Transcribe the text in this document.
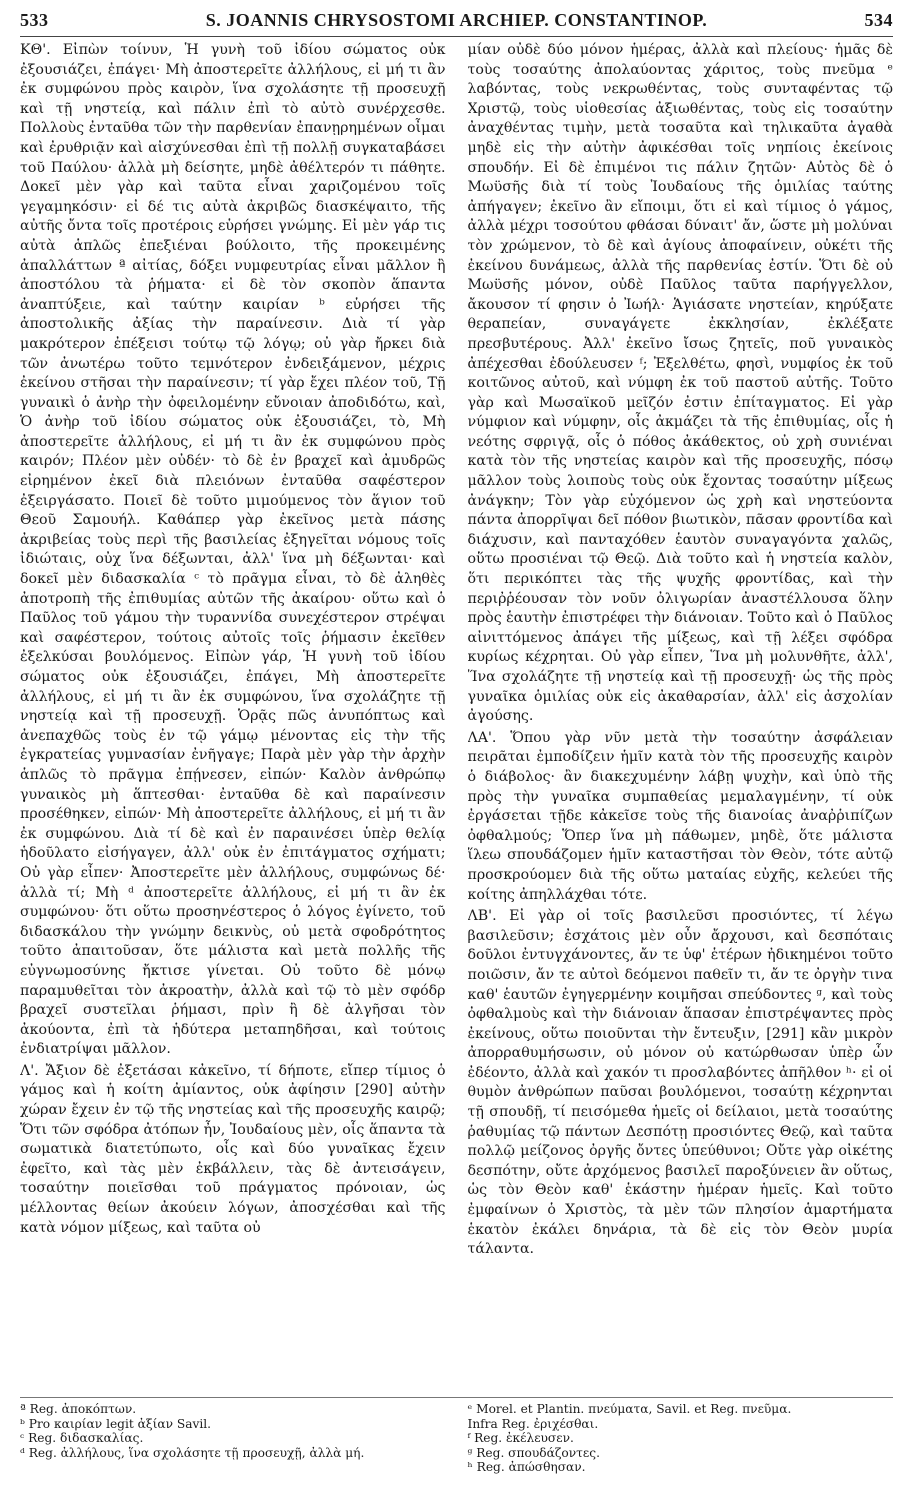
533	S. JOANNIS CHRYSOSTOMI ARCHIEP. CONSTANTINOP.	534

ΚΘ'. Εἰπὼν τοίνυν, Ἡ γυνὴ τοῦ ἰδίου σώματος οὐκ ἐξουσιάζει, ἐπάγει· Μὴ ἀποστερεῖτε ἀλλήλους, εἰ μή τι ἂν ἐκ συμφώνου πρὸς καιρὸν, ἵνα σχολάσητε τῇ προσευχῇ καὶ τῇ νηστείᾳ, καὶ πάλιν ἐπὶ τὸ αὐτὸ συνέρχεσθε. Πολλοὺς ἐνταῦθα τῶν τὴν παρθενίαν ἐπανῃρημένων οἶμαι καὶ ἐρυθριᾷν καὶ αἰσχύνεσθαι ἐπὶ τῇ πολλῇ συγκαταβάσει τοῦ Παύλου· ἀλλὰ μὴ δείσητε, μηδὲ ἀθέλτερόν τι πάθητε. Δοκεῖ μὲν γὰρ καὶ ταῦτα εἶναι χαριζομένου τοῖς γεγαμηκόσιν· εἰ δέ τις αὐτὰ ἀκριβῶς διασκέψαιτο, τῆς αὐτῆς ὄντα τοῖς προτέροις εὑρήσει γνώμης. Εἰ μὲν γάρ τις αὐτὰ ἁπλῶς ἐπεξιέναι βούλοιτο, τῆς προκειμένης ἀπαλλάττων ª αἰτίας, δόξει νυμφευτρίας εἶναι μᾶλλον ἢ ἀποστόλου τὰ ῥήματα· εἰ δὲ τὸν σκοπὸν ἅπαντα ἀναπτύξειε, καὶ ταύτην καιρίαν ᵇ εὑρήσει τῆς ἀποστολικῆς ἀξίας τὴν παραίνεσιν. Διὰ τί γὰρ μακρότερον ἐπέξεισι τούτῳ τῷ λόγῳ; οὐ γὰρ ἤρκει διὰ τῶν ἀνωτέρω τοῦτο τεμνότερον ἐνδειξάμενον, μέχρις ἐκείνου στῆσαι τὴν παραίνεσιν; τί γὰρ ἔχει πλέον τοῦ, Τῇ γυναικὶ ὁ ἀνὴρ τὴν ὀφειλομένην εὔνοιαν ἀποδιδότω, καὶ, Ὁ ἀνὴρ τοῦ ἰδίου σώματος οὐκ ἐξουσιάζει, τὸ, Μὴ ἀποστερεῖτε ἀλλήλους, εἰ μή τι ἂν ἐκ συμφώνου πρὸς καιρόν; Πλέον μὲν οὐδέν· τὸ δὲ ἐν βραχεῖ καὶ ἀμυδρῶς εἰρημένον ἐκεῖ διὰ πλειόνων ἐνταῦθα σαφέστερον ἐξειργάσατο. Ποιεῖ δὲ τοῦτο μιμούμενος τὸν ἅγιον τοῦ Θεοῦ Σαμουήλ. Καθάπερ γὰρ ἐκεῖνος μετὰ πάσης ἀκριβείας τοὺς περὶ τῆς βασιλείας ἐξηγεῖται νόμους τοῖς ἰδιώταις, οὐχ ἵνα δέξωνται, ἀλλ' ἵνα μὴ δέξωνται· καὶ δοκεῖ μὲν διδασκαλία ᶜ τὸ πρᾶγμα εἶναι, τὸ δὲ ἀληθὲς ἀποτροπὴ τῆς ἐπιθυμίας αὐτῶν τῆς ἀκαίρου· οὕτω καὶ ὁ Παῦλος τοῦ γάμου τὴν τυραννίδα συνεχέστερον στρέψαι καὶ σαφέστερον, τούτοις αὐτοῖς τοῖς ῥήμασιν ἐκεῖθεν ἐξελκύσαι βουλόμενος. Εἰπὼν γάρ, Ἡ γυνὴ τοῦ ἰδίου σώματος οὐκ ἐξουσιάζει, ἐπάγει, Μὴ ἀποστερεῖτε ἀλλήλους, εἰ μή τι ἂν ἐκ συμφώνου, ἵνα σχολάζητε τῇ νηστείᾳ καὶ τῇ προσευχῇ. Ὁρᾷς πῶς ἀνυπόπτως καὶ ἀνεπαχθῶς τοὺς ἐν τῷ γάμῳ μένοντας εἰς τὴν τῆς ἐγκρατείας γυμνασίαν ἐνῆγαγε; Παρὰ μὲν γὰρ τὴν ἀρχὴν ἁπλῶς τὸ πρᾶγμα ἐπῄνεσεν, εἰπών· Καλὸν ἀνθρώπῳ γυναικὸς μὴ ἅπτεσθαι· ἐνταῦθα δὲ καὶ παραίνεσιν προσέθηκεν, εἰπών· Μὴ ἀποστερεῖτε ἀλλήλους, εἰ μή τι ἂν ἐκ συμφώνου. Διὰ τί δὲ καὶ ἐν παραινέσει ὑπὲρ θελίᾳ ἡδοῦλατο εἰσήγαγεν, ἀλλ' οὐκ ἐν ἐπιτάγματος σχήματι; Οὐ γὰρ εἶπεν· Ἀποστερεῖτε μὲν ἀλλήλους, συμφώνως δέ· ἀλλὰ τί; Μὴ ᵈ ἀποστερεῖτε ἀλλήλους, εἰ μή τι ἂν ἐκ συμφώνου· ὅτι οὕτω προσηνέστερος ὁ λόγος ἐγίνετο, τοῦ διδασκάλου τὴν γνώμην δεικνὺς, οὐ μετὰ σφοδρότητος τοῦτο ἀπαιτοῦσαν, ὅτε μάλιστα καὶ μετὰ πολλῆς τῆς εὐγνωμοσύνης ἤκτισε γίνεται. Οὐ τοῦτο δὲ μόνῳ παραμυθεῖται τὸν ἀκροατὴν, ἀλλὰ καὶ τῷ τὸ μὲν σφόδρ βραχεῖ συστεῖλαι ῥήμασι, πρὶν ἢ δὲ ἀλγῆσαι τὸν ἀκούοντα, ἐπὶ τὰ ἡδύτερα μεταπηδῆσαι, καὶ τούτοις ἐνδιατρίψαι μᾶλλον.

Λ'. Ἄξιον δὲ ἐξετάσαι κἀκεῖνο, τί δήποτε, εἴπερ τίμιος ὁ γάμος καὶ ἡ κοίτη ἀμίαντος, οὐκ ἀφίησιν [290] αὐτὴν χώραν ἔχειν ἐν τῷ τῆς νηστείας καὶ τῆς προσευχῆς καιρῷ; Ὅτι τῶν σφόδρα ἀτόπων ἦν, Ἰουδαίους μὲν, οἷς ἅπαντα τὰ σωματικὰ διατετύπωτο, οἷς καὶ δύο γυναῖκας ἔχειν ἐφεῖτο, καὶ τὰς μὲν ἐκβάλλειν, τὰς δὲ ἀντεισάγειν, τοσαύτην ποιεῖσθαι τοῦ πράγματος πρόνοιαν, ὡς μέλλοντας θείων ἀκούειν λόγων, ἀποσχέσθαι καὶ τῆς κατὰ νόμον μίξεως, καὶ ταῦτα οὐ

μίαν οὐδὲ δύο μόνον ἡμέρας, ἀλλὰ καὶ πλείους· ἡμᾶς δὲ τοὺς τοσαύτης ἀπολαύοντας χάριτος, τοὺς πνεῦμα ᵉ λαβόντας, τοὺς νεκρωθέντας, τοὺς συνταφέντας τῷ Χριστῷ, τοὺς υἱοθεσίας ἀξιωθέντας, τοὺς εἰς τοσαύτην ἀναχθέντας τιμὴν, μετὰ τοσαῦτα καὶ τηλικαῦτα ἀγαθὰ μηδὲ εἰς τὴν αὐτὴν ἀφικέσθαι τοῖς νηπίοις ἐκείνοις σπουδήν. Εἰ δὲ ἐπιμένοι τις πάλιν ζητῶν· Αὐτὸς δὲ ὁ Μωϋσῆς διὰ τί τοὺς Ἰουδαίους τῆς ὁμιλίας ταύτης ἀπήγαγεν; ἐκεῖνο ἂν εἴποιμι, ὅτι εἰ καὶ τίμιος ὁ γάμος, ἀλλὰ μέχρι τοσούτου φθάσαι δύναιτ' ἄν, ὥστε μὴ μολύναι τὸν χρώμενον, τὸ δὲ καὶ ἁγίους ἀποφαίνειν, οὐκέτι τῆς ἐκείνου δυνάμεως, ἀλλὰ τῆς παρθενίας ἐστίν. Ὅτι δὲ οὐ Μωϋσῆς μόνον, οὐδὲ Παῦλος ταῦτα παρήγγελλον, ἄκουσον τί φησιν ὁ Ἰωήλ· Ἁγιάσατε νηστείαν, κηρύξατε θεραπείαν, συναγάγετε ἐκκλησίαν, ἐκλέξατε πρεσβυτέρους. Ἀλλ' ἐκεῖνο ἴσως ζητεῖς, ποῦ γυναικὸς ἀπέχεσθαι ἐδούλευσεν ᶠ; Ἐξελθέτω, φησὶ, νυμφίος ἐκ τοῦ κοιτῶνος αὐτοῦ, καὶ νύμφη ἐκ τοῦ παστοῦ αὐτῆς. Τοῦτο γὰρ καὶ Μωσαϊκοῦ μεῖζόν ἐστιν ἐπίταγματος. Εἰ γὰρ νύμφιον καὶ νύμφην, οἷς ἀκμάζει τὰ τῆς ἐπιθυμίας, οἷς ἡ νεότης σφριγᾷ, οἷς ὁ πόθος ἀκάθεκτος, οὐ χρὴ συνιέναι κατὰ τὸν τῆς νηστείας καιρὸν καὶ τῆς προσευχῆς, πόσῳ μᾶλλον τοὺς λοιποὺς τοὺς οὐκ ἔχοντας τοσαύτην μίξεως ἀνάγκην; Τὸν γὰρ εὐχόμενον ὡς χρὴ καὶ νηστεύοντα πάντα ἀπορρῖψαι δεῖ πόθον βιωτικὸν, πᾶσαν φροντίδα καὶ διάχυσιν, καὶ πανταχόθεν ἑαυτὸν συναγαγόντα χαλῶς, οὕτω προσιέναι τῷ Θεῷ. Διὰ τοῦτο καὶ ἡ νηστεία καλὸν, ὅτι περικόπτει τὰς τῆς ψυχῆς φροντίδας, καὶ τὴν περιῤῥέουσαν τὸν νοῦν ὀλιγωρίαν ἀναστέλλουσα ὅλην πρὸς ἑαυτὴν ἐπιστρέφει τὴν διάνοιαν. Τοῦτο καὶ ὁ Παῦλος αἰνιττόμενος ἀπάγει τῆς μίξεως, καὶ τῇ λέξει σφόδρα κυρίως κέχρηται. Οὐ γὰρ εἶπεν, Ἵνα μὴ μολυνθῆτε, ἀλλ', Ἵνα σχολάζητε τῇ νηστείᾳ καὶ τῇ προσευχῇ· ὡς τῆς πρὸς γυναῖκα ὁμιλίας οὐκ εἰς ἀκαθαρσίαν, ἀλλ' εἰς ἀσχολίαν ἀγούσης.

ΛΑ'. Ὅπου γὰρ νῦν μετὰ τὴν τοσαύτην ἀσφάλειαν πειρᾶται ἐμποδίζειν ἡμῖν κατὰ τὸν τῆς προσευχῆς καιρὸν ὁ διάβολος· ἂν διακεχυμένην λάβῃ ψυχὴν, καὶ ὑπὸ τῆς πρὸς τὴν γυναῖκα συμπαθείας μεμαλαγμένην, τί οὐκ ἐργάσεται τῇδε κἀκεῖσε τοὺς τῆς διανοίας ἀναῤῥιπίζων ὀφθαλμούς; Ὅπερ ἵνα μὴ πάθωμεν, μηδὲ, ὅτε μάλιστα ἵλεω σπουδάζομεν ἡμῖν καταστῆσαι τὸν Θεὸν, τότε αὐτῷ προσκρούομεν διὰ τῆς οὕτω ματαίας εὐχῆς, κελεύει τῆς κοίτης ἀπηλλάχθαι τότε.

ΛΒ'. Εἰ γὰρ οἱ τοῖς βασιλεῦσι προσιόντες, τί λέγω βασιλεῦσιν; ἐσχάτοις μὲν οὖν ἄρχουσι, καὶ δεσπόταις δοῦλοι ἐντυγχάνοντες, ἄν τε ὑφ' ἑτέρων ἠδικημένοι τοῦτο ποιῶσιν, ἄν τε αὐτοὶ δεόμενοι παθεῖν τι, ἄν τε ὀργὴν τινα καθ' ἑαυτῶν ἐγηγερμένην κοιμῆσαι σπεύδοντες ᵍ, καὶ τοὺς ὀφθαλμοὺς καὶ τὴν διάνοιαν ἅπασαν ἐπιστρέψαντες πρὸς ἐκείνους, οὕτω ποιοῦνται τὴν ἔντευξιν, [291] κἂν μικρὸν ἀπορραθυμήσωσιν, οὐ μόνον οὐ κατώρθωσαν ὑπὲρ ὧν ἐδέοντο, ἀλλὰ καὶ χακόν τι προσλαβόντες ἀπῆλθον ʰ· εἰ οἱ θυμὸν ἀνθρώπων παῦσαι βουλόμενοι, τοσαύτῃ κέχρηνται τῇ σπουδῇ, τί πεισόμεθα ἡμεῖς οἱ δείλαιοι, μετὰ τοσαύτης ῥαθυμίας τῷ πάντων Δεσπότῃ προσιόντες Θεῷ, καὶ ταῦτα πολλῷ μείζονος ὀργῆς ὄντες ὑπεύθυνοι; Οὔτε γὰρ οἰκέτης δεσπότην, οὔτε ἀρχόμενος βασιλεῖ παροξύνειεν ἂν οὕτως, ὡς τὸν Θεὸν καθ' ἑκάστην ἡμέραν ἡμεῖς. Καὶ τοῦτο ἐμφαίνων ὁ Χριστὸς, τὰ μὲν τῶν πλησίον ἁμαρτήματα ἑκατὸν ἐκάλει δηνάρια, τὰ δὲ εἰς τὸν Θεὸν μυρία τάλαντα.

ª Reg. ἀποκόπτων.
ᵇ Pro καιρίαν legit ἀξίαν Savil.
ᶜ Reg. διδασκαλίας.
ᵈ Reg. ἀλλήλους, ἵνα σχολάσητε τῇ προσευχῇ, ἀλλὰ μή.
ᵉ Morel. et Plantin. πνεύματα, Savil. et Reg. πνεῦμα.
Infra Reg. ἐριχέσθαι.
ᶠ Reg. ἐκέλευσεν.
ᵍ Reg. σπουδάζοντες.
ʰ Reg. ἀπώσθησαν.
